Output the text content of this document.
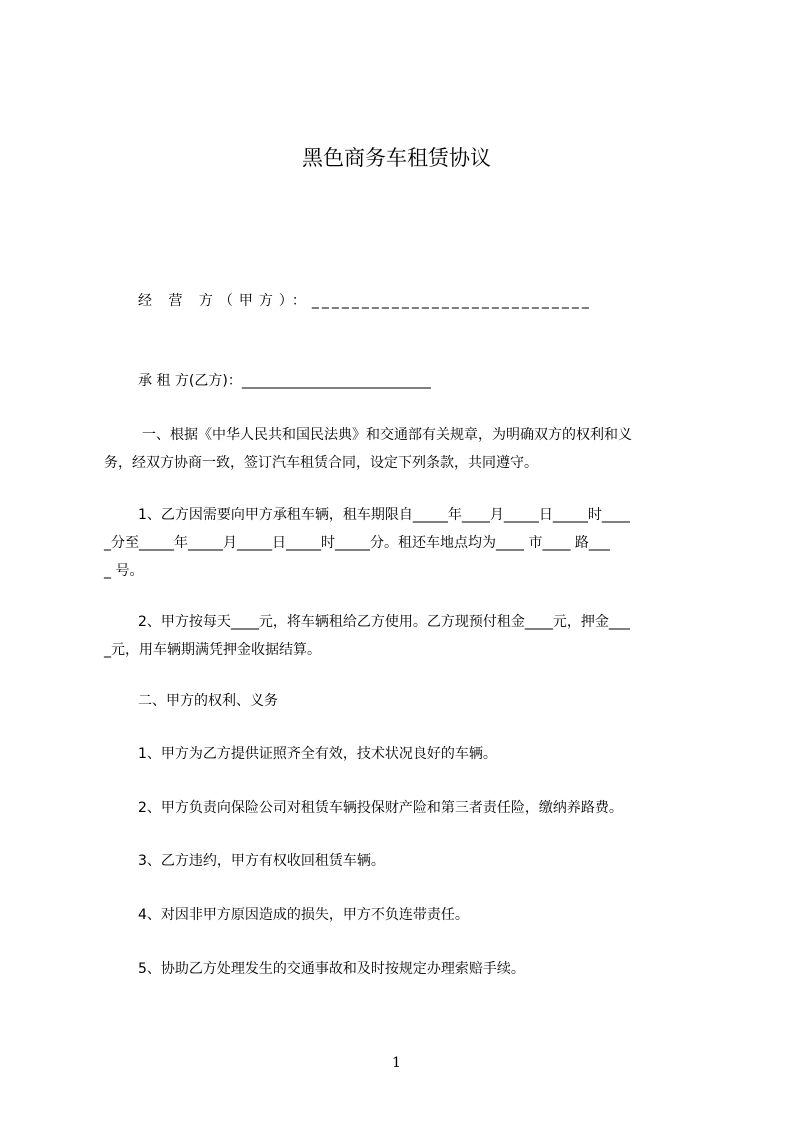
黑色商务车租赁协议
经 营 方（甲方）：____________________________
承 租 方(乙方)：___________________________
一、根据《中华人民共和国民法典》和交通部有关规章，为明确双方的权利和义
务，经双方协商一致，签订汽车租赁合同，设定下列条款，共同遵守。
1、乙方因需要向甲方承租车辆，租车期限自_____年____月_____日_____时____
_分至_____年_____月_____日_____时_____分。租还车地点均为____ 市____ 路___
_ 号。
2、甲方按每天____元，将车辆租给乙方使用。乙方现预付租金____元，押金___
_元，用车辆期满凭押金收据结算。
二、甲方的权利、义务
1、甲方为乙方提供证照齐全有效，技术状况良好的车辆。
2、甲方负责向保险公司对租赁车辆投保财产险和第三者责任险，缴纳养路费。
3、乙方违约，甲方有权收回租赁车辆。
4、对因非甲方原因造成的损失，甲方不负连带责任。
5、协助乙方处理发生的交通事故和及时按规定办理索赔手续。
1
